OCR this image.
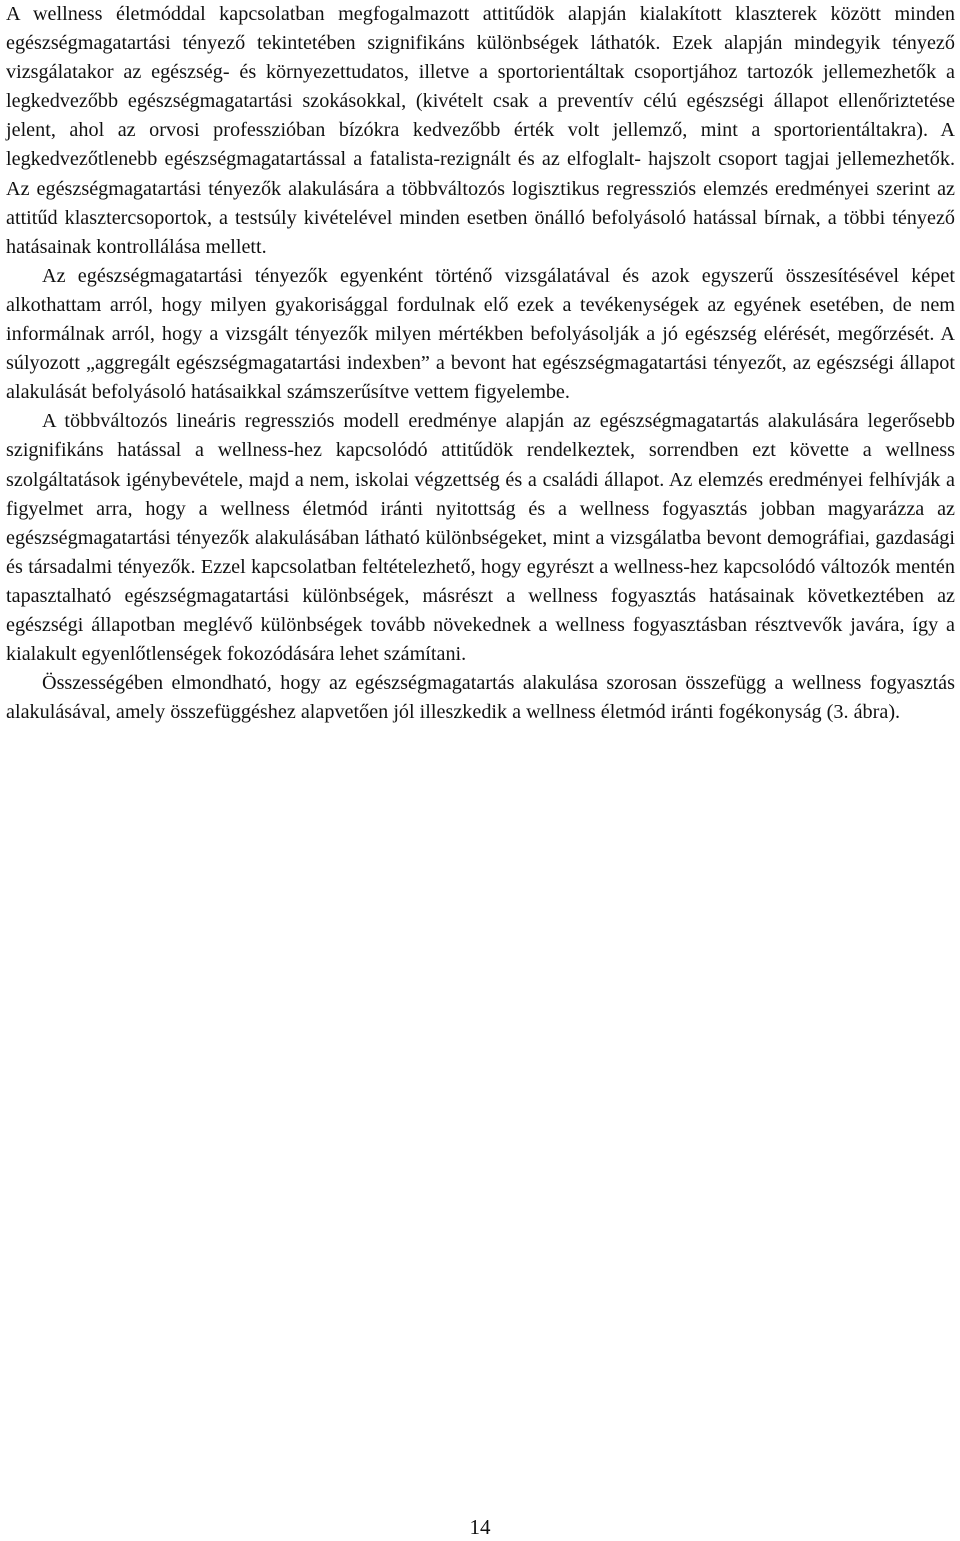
A wellness életmóddal kapcsolatban megfogalmazott attitűdök alapján kialakított klaszterek között minden egészségmagatartási tényező tekintetében szignifikáns különbségek láthatók. Ezek alapján mindegyik tényező vizsgálatakor az egészség- és környezettudatos, illetve a sportorientáltak csoportjához tartozók jellemezhetők a legkedvezőbb egészségmagatartási szokásokkal, (kivételt csak a preventív célú egészségi állapot ellenőriztetése jelent, ahol az orvosi professzióban bízókra kedvezőbb érték volt jellemző, mint a sportorientáltakra). A legkedvezőtlenebb egészségmagatartással a fatalista-rezignált és az elfoglalt- hajszolt csoport tagjai jellemezhetők. Az egészségmagatartási tényezők alakulására a többváltozós logisztikus regressziós elemzés eredményei szerint az attitűd klasztercsoportok, a testsúly kivételével minden esetben önálló befolyásoló hatással bírnak, a többi tényező hatásainak kontrollálása mellett.

Az egészségmagatartási tényezők egyenként történő vizsgálatával és azok egyszerű összesítésével képet alkothattam arról, hogy milyen gyakorisággal fordulnak elő ezek a tevékenységek az egyének esetében, de nem informálnak arról, hogy a vizsgált tényezők milyen mértékben befolyásolják a jó egészség elérését, megőrzését. A súlyozott „aggregált egészségmagatartási indexben” a bevont hat egészségmagatartási tényezőt, az egészségi állapot alakulását befolyásoló hatásaikkal számszerűsítve vettem figyelembe.

A többváltozós lineáris regressziós modell eredménye alapján az egészségmagatartás alakulására legerősebb szignifikáns hatással a wellness-hez kapcsolódó attitűdök rendelkeztek, sorrendben ezt követte a wellness szolgáltatások igénybevétele, majd a nem, iskolai végzettség és a családi állapot. Az elemzés eredményei felhívják a figyelmet arra, hogy a wellness életmód iránti nyitottság és a wellness fogyasztás jobban magyarázza az egészségmagatartási tényezők alakulásában látható különbségeket, mint a vizsgálatba bevont demográfiai, gazdasági és társadalmi tényezők. Ezzel kapcsolatban feltételezhető, hogy egyrészt a wellness-hez kapcsolódó változók mentén tapasztalható egészségmagatartási különbségek, másrészt a wellness fogyasztás hatásainak következtében az egészségi állapotban meglévő különbségek tovább növekednek a wellness fogyasztásban résztvevők javára, így a kialakult egyenlőtlenségek fokozódására lehet számítani.

Összességében elmondható, hogy az egészségmagatartás alakulása szorosan összefügg a wellness fogyasztás alakulásával, amely összefüggéshez alapvetően jól illeszkedik a wellness életmód iránti fogékonyság (3. ábra).

14
